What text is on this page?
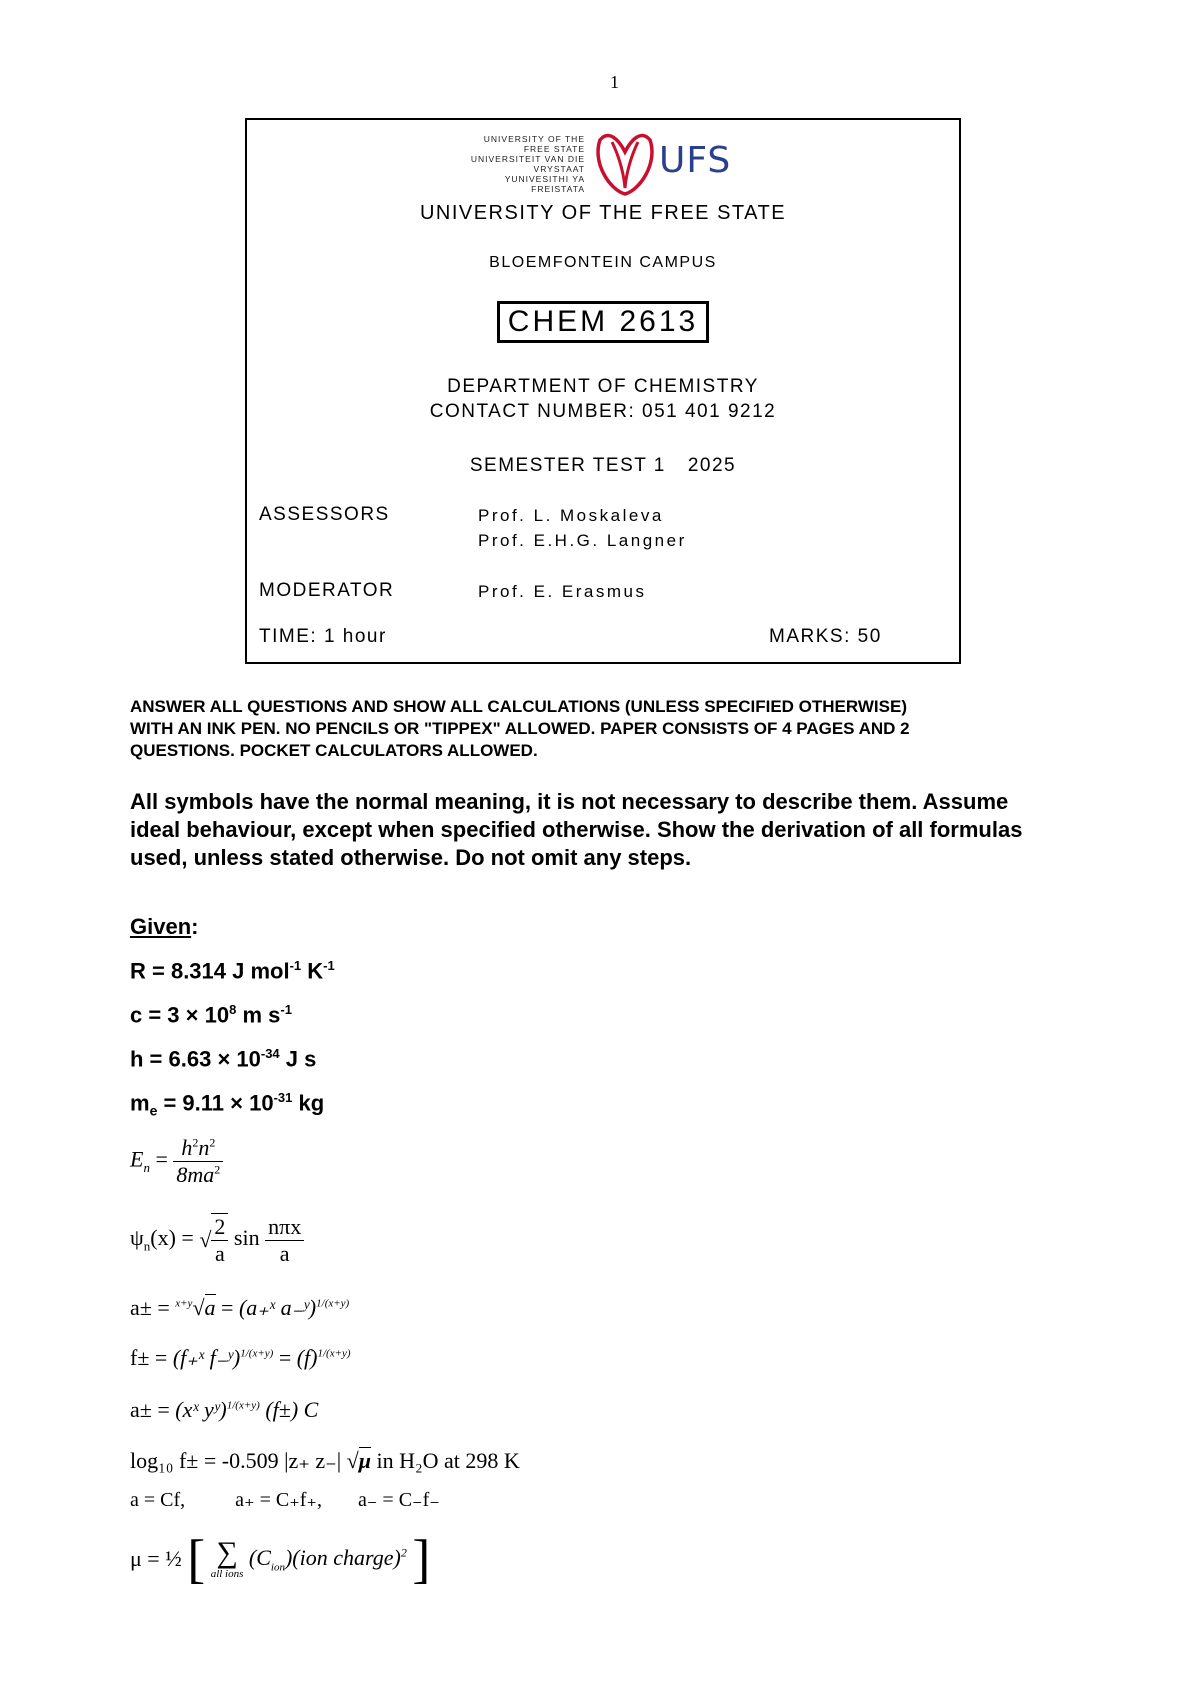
1
UNIVERSITY OF THE
FREE STATE
UNIVERSITEIT VAN DIE
VRYSTAAT
YUNIVESITHI YA
FREISTATA
UFS
UNIVERSITY OF THE FREE STATE
BLOEMFONTEIN CAMPUS
CHEM 2613
DEPARTMENT OF CHEMISTRY
CONTACT NUMBER: 051 401 9212
SEMESTER TEST 1 2025
ASSESSORS	Prof. L. Moskaleva
Prof. E.H.G. Langner
MODERATOR	Prof. E. Erasmus
TIME: 1 hour	MARKS: 50
ANSWER ALL QUESTIONS AND SHOW ALL CALCULATIONS (UNLESS SPECIFIED OTHERWISE)
WITH AN INK PEN. NO PENCILS OR "TIPPEX" ALLOWED. PAPER CONSISTS OF 4 PAGES AND 2
QUESTIONS. POCKET CALCULATORS ALLOWED.
All symbols have the normal meaning, it is not necessary to describe them. Assume
ideal behaviour, except when specified otherwise. Show the derivation of all formulas
used, unless stated otherwise. Do not omit any steps.
Given:
R = 8.314 J mol$^{-1}$ $K^{-1}$
$c = 3 \times 10^8$ m $s^{-1}$
$h = 6.63 \times 10^{-34}$ J s
$m_e = 9.11 \times 10^{-31}$ kg
$E_n = \frac{h^2n^2}{8ma^2}$
$\psi_n(x)$ = √ $\frac{2}{a}$ $\sin \frac{\text{nπx}}{a}$
a± = $^{x+y}$√a = (a₊ˣ a₋ʸ)$^{1/(x+y)}$
f± = (f₊ˣ f₋ʸ)$^{1/(x+y)}$ = $(f)^{1/(x+y)}$
a± = (xˣ yʸ)$^{1/(x+y)}$ (f±) C
log₁₀ f± = -0.509 |z₊ z₋| √μ in H₂O at 298 K
a = Cf,	a₊ = C₊f₊, a₋ = C₋f₋
μ = ½ [ ∑
all ions
$(C_{ion})(ion$ charge)$^2$ ]
